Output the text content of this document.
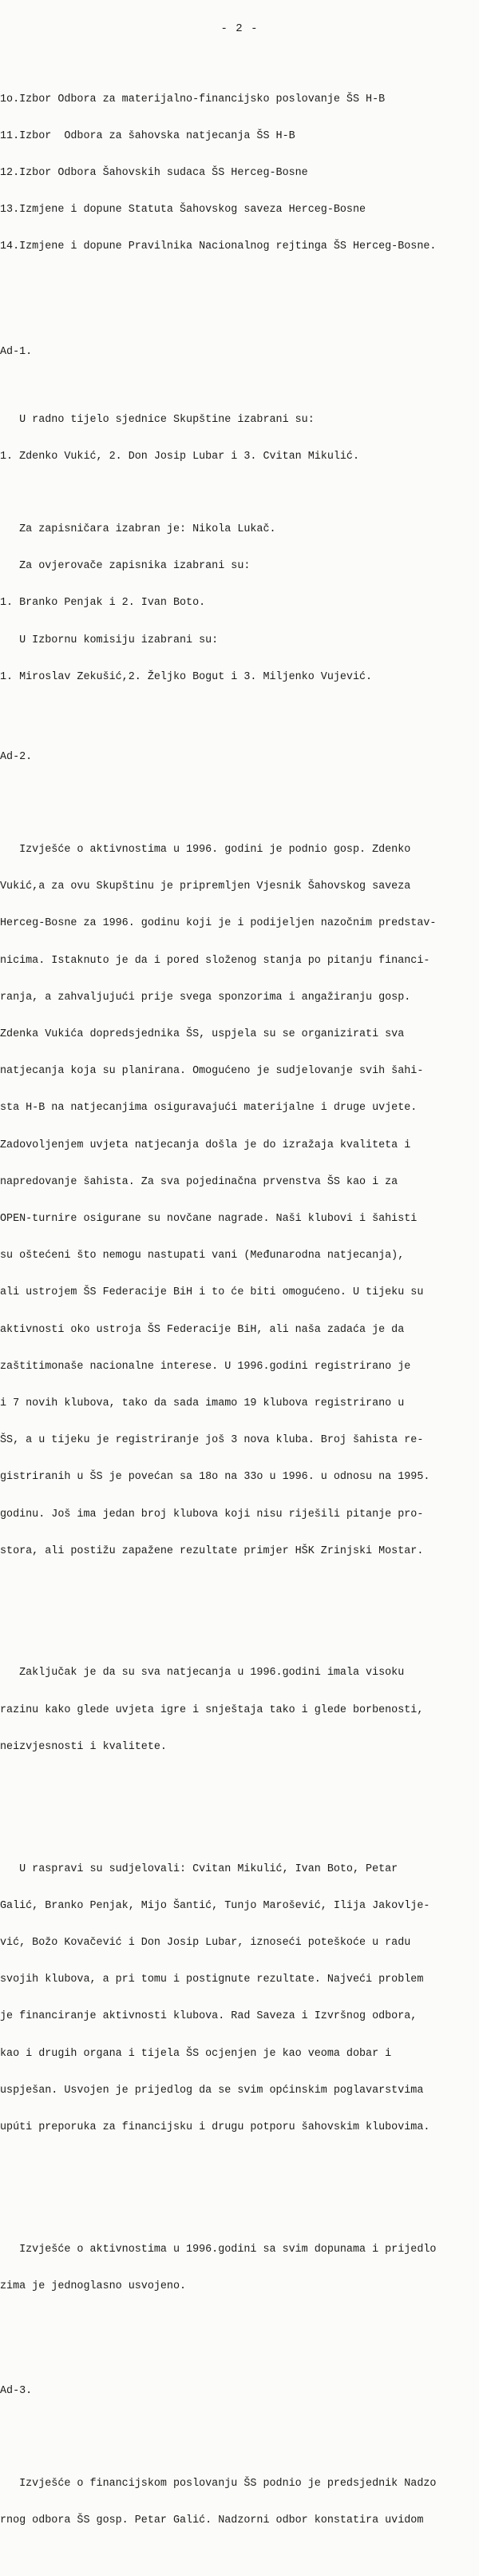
- 2 -

1o.Izbor Odbora za materijalno-financijsko poslovanje ŠS H-B

11.Izbor  Odbora za šahovska natjecanja ŠS H-B

12.Izbor Odbora Šahovskih sudaca ŠS Herceg-Bosne

13.Izmjene i dopune Statuta Šahovskog saveza Herceg-Bosne

14.Izmjene i dopune Pravilnika Nacionalnog rejtinga ŠS Herceg-Bosne.

Ad-1.

U radno tijelo sjednice Skupštine izabrani su:

1. Zdenko Vukić, 2. Don Josip Lubar i 3. Cvitan Mikulić.

Za zapisničara izabran je: Nikola Lukač.

Za ovjerovače zapisnika izabrani su:

1. Branko Penjak i 2. Ivan Boto.

U Izbornu komisiju izabrani su:

1. Miroslav Zekušić,2. Željko Bogut i 3. Miljenko Vujević.

Ad-2.

Izvješće o aktivnostima u 1996. godini je podnio gosp. Zdenko

Vukić,a za ovu Skupštinu je pripremljen Vjesnik Šahovskog saveza

Herceg-Bosne za 1996. godinu koji je i podijeljen nazočnim predstav-

nicima. Istaknuto je da i pored složenog stanja po pitanju financi-

ranja, a zahvaljujući prije svega sponzorima i angažiranju gosp.

Zdenka Vukića dopredsjednika ŠS, uspjela su se organizirati sva

natjecanja koja su planirana. Omogućeno je sudjelovanje svih šahi-

sta H-B na natjecanjima osiguravajući materijalne i druge uvjete.

Zadovoljenjem uvjeta natjecanja došla je do izražaja kvaliteta i

napredovanje šahista. Za sva pojedinačna prvenstva ŠS kao i za

OPEN-turnire osigurane su novčane nagrade. Naši klubovi i šahisti

su oštećeni što nemogu nastupati vani (Međunarodna natjecanja),

ali ustrojem ŠS Federacije BiH i to će biti omogućeno. U tijeku su

aktivnosti oko ustroja ŠS Federacije BiH, ali naša zadaća je da

zaštitimonaše nacionalne interese. U 1996.godini registrirano je

i 7 novih klubova, tako da sada imamo 19 klubova registrirano u

ŠS, a u tijeku je registriranje još 3 nova kluba. Broj šahista re-

gistriranih u ŠS je povećan sa 18o na 33o u 1996. u odnosu na 1995.

godinu. Još ima jedan broj klubova koji nisu riješili pitanje pro-

stora, ali postižu zapažene rezultate primjer HŠK Zrinjski Mostar.

Zaključak je da su sva natjecanja u 1996.godini imala visoku

razinu kako glede uvjeta igre i snještaja tako i glede borbenosti,

neizvjesnosti i kvalitete.

U raspravi su sudjelovali: Cvitan Mikulić, Ivan Boto, Petar

Galić, Branko Penjak, Mijo Šantić, Tunjo Marošević, Ilija Jakovlje-

vić, Božo Kovačević i Don Josip Lubar, iznoseći poteškoće u radu

svojih klubova, a pri tomu i postignute rezultate. Najveći problem

je financiranje aktivnosti klubova. Rad Saveza i Izvršnog odbora,

kao i drugih organa i tijela ŠS ocjenjen je kao veoma dobar i

uspješan. Usvojen je prijedlog da se svim općinskim poglavarstvima

upúti preporuka za financijsku i drugu potporu šahovskim klubovima.

Izvješće o aktivnostima u 1996.godini sa svim dopunama i prijedlo

zima je jednoglasno usvojeno.

Ad-3.

Izvješće o financijskom poslovanju ŠS podnio je predsjednik Nadzo

rnog odbora ŠS gosp. Petar Galić. Nadzorni odbor konstatira uvidom
